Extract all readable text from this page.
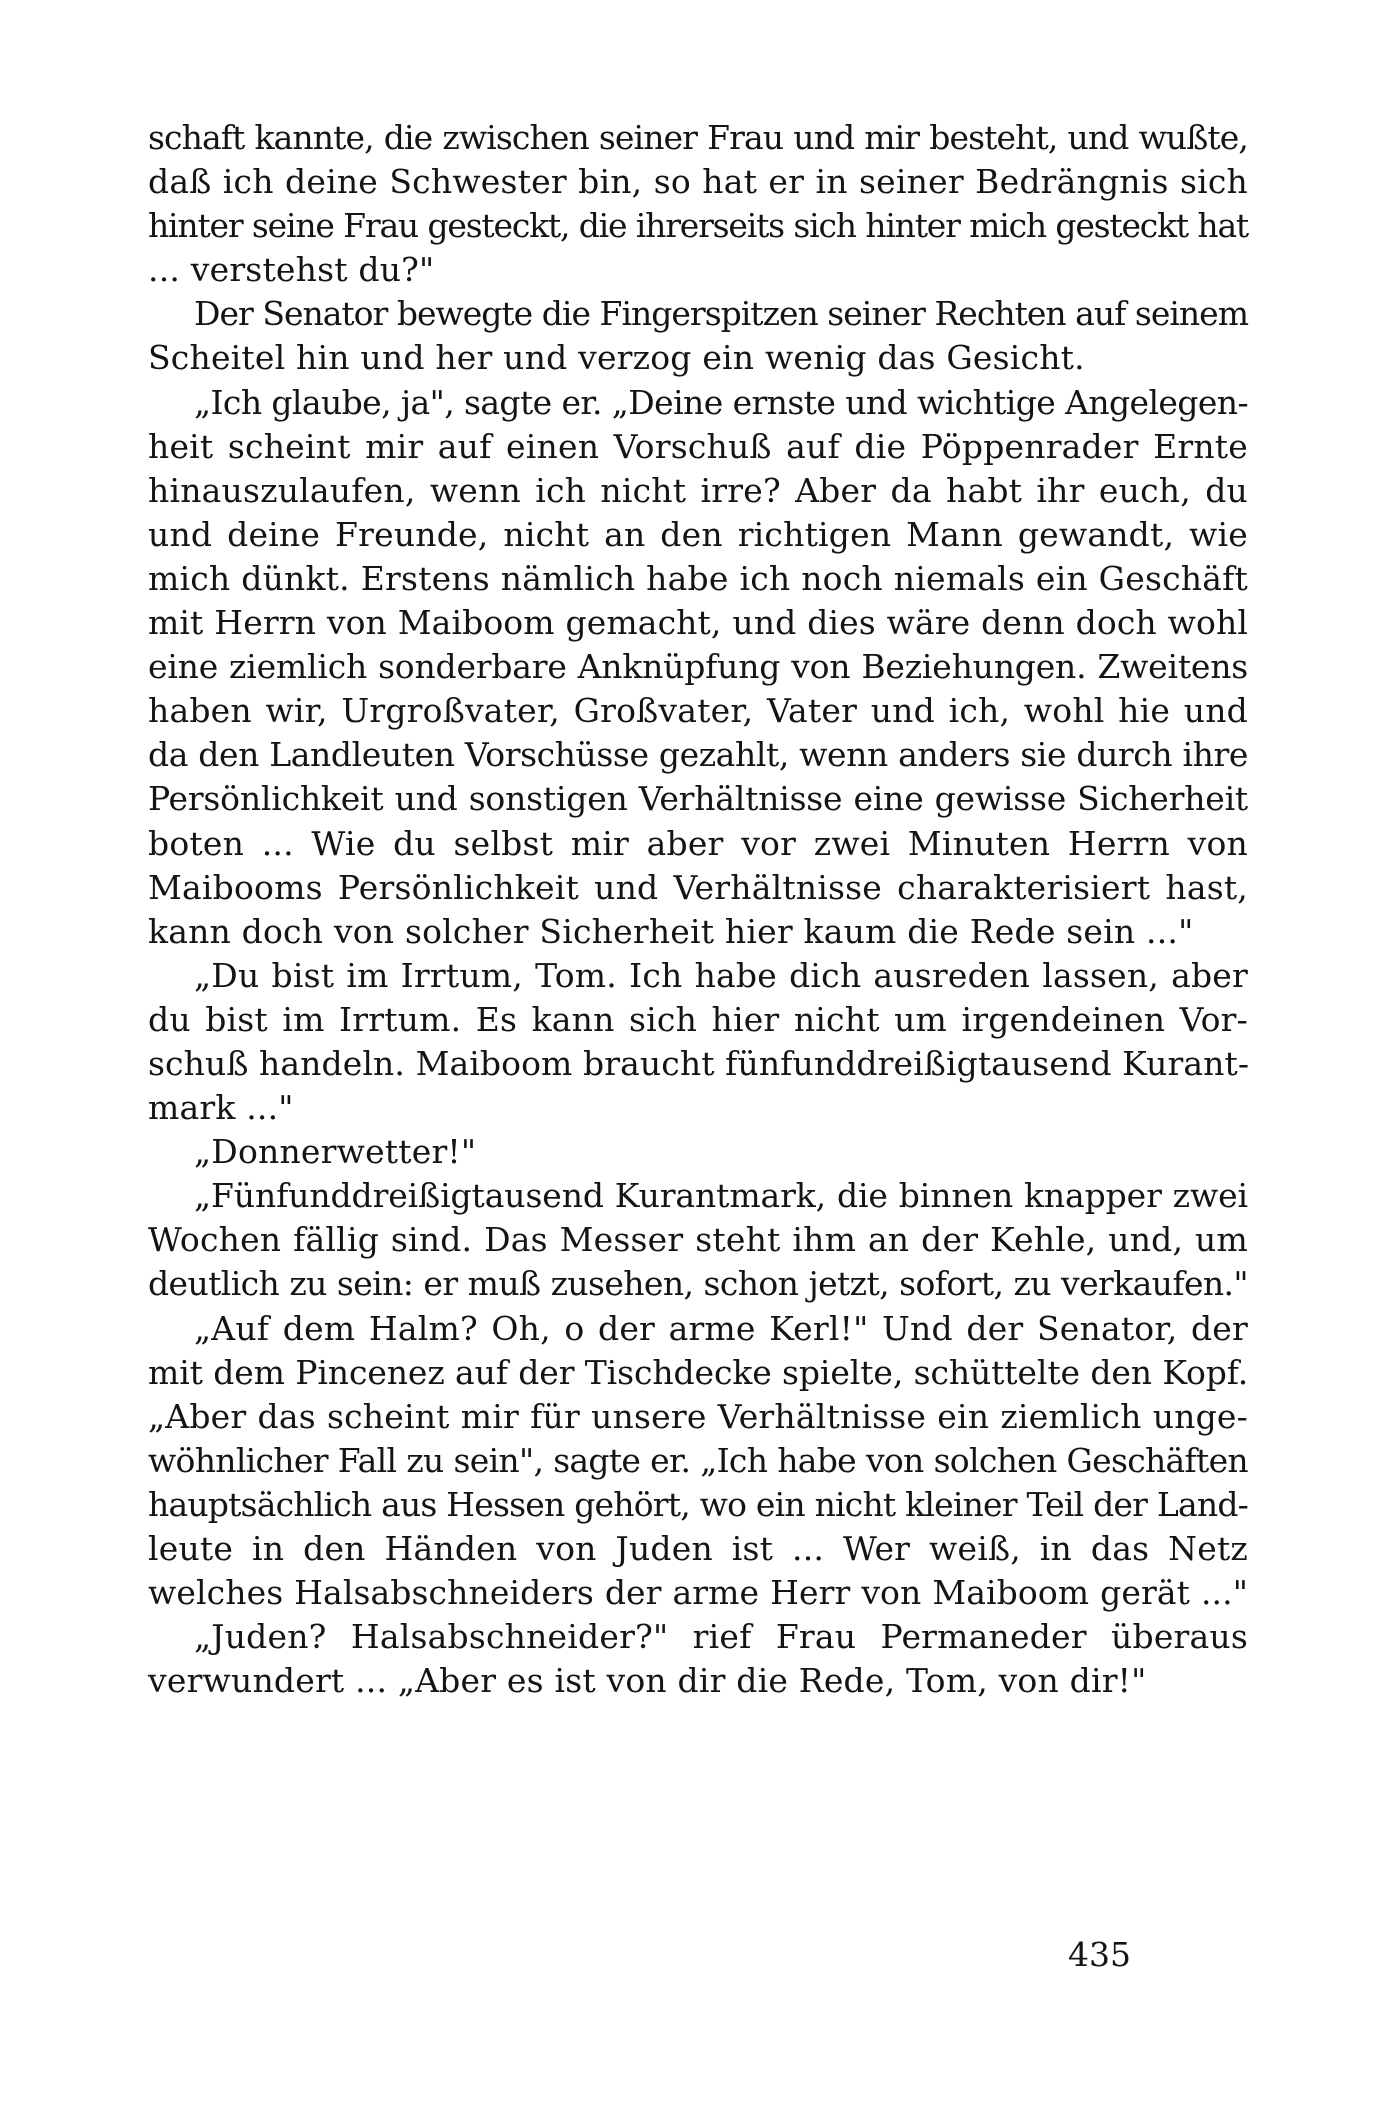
schaft kannte, die zwischen seiner Frau und mir besteht, und wußte,
daß ich deine Schwester bin, so hat er in seiner Bedrängnis sich
hinter seine Frau gesteckt, die ihrerseits sich hinter mich gesteckt hat
... verstehst du?"
Der Senator bewegte die Fingerspitzen seiner Rechten auf seinem
Scheitel hin und her und verzog ein wenig das Gesicht.
„Ich glaube, ja", sagte er. „Deine ernste und wichtige Angelegen-
heit scheint mir auf einen Vorschuß auf die Pöppenrader Ernte
hinauszulaufen, wenn ich nicht irre? Aber da habt ihr euch, du
und deine Freunde, nicht an den richtigen Mann gewandt, wie
mich dünkt. Erstens nämlich habe ich noch niemals ein Geschäft
mit Herrn von Maiboom gemacht, und dies wäre denn doch wohl
eine ziemlich sonderbare Anknüpfung von Beziehungen. Zweitens
haben wir, Urgroßvater, Großvater, Vater und ich, wohl hie und
da den Landleuten Vorschüsse gezahlt, wenn anders sie durch ihre
Persönlichkeit und sonstigen Verhältnisse eine gewisse Sicherheit
boten ... Wie du selbst mir aber vor zwei Minuten Herrn von
Maibooms Persönlichkeit und Verhältnisse charakterisiert hast,
kann doch von solcher Sicherheit hier kaum die Rede sein ..."
„Du bist im Irrtum, Tom. Ich habe dich ausreden lassen, aber
du bist im Irrtum. Es kann sich hier nicht um irgendeinen Vor-
schuß handeln. Maiboom braucht fünfunddreißigtausend Kurant-
mark ..."
„Donnerwetter!"
„Fünfunddreißigtausend Kurantmark, die binnen knapper zwei
Wochen fällig sind. Das Messer steht ihm an der Kehle, und, um
deutlich zu sein: er muß zusehen, schon jetzt, sofort, zu verkaufen."
„Auf dem Halm? Oh, o der arme Kerl!" Und der Senator, der
mit dem Pincenez auf der Tischdecke spielte, schüttelte den Kopf.
„Aber das scheint mir für unsere Verhältnisse ein ziemlich unge-
wöhnlicher Fall zu sein", sagte er. „Ich habe von solchen Geschäften
hauptsächlich aus Hessen gehört, wo ein nicht kleiner Teil der Land-
leute in den Händen von Juden ist ... Wer weiß, in das Netz
welches Halsabschneiders der arme Herr von Maiboom gerät ..."
„Juden? Halsabschneider?" rief Frau Permaneder überaus
verwundert ... „Aber es ist von dir die Rede, Tom, von dir!"
435
